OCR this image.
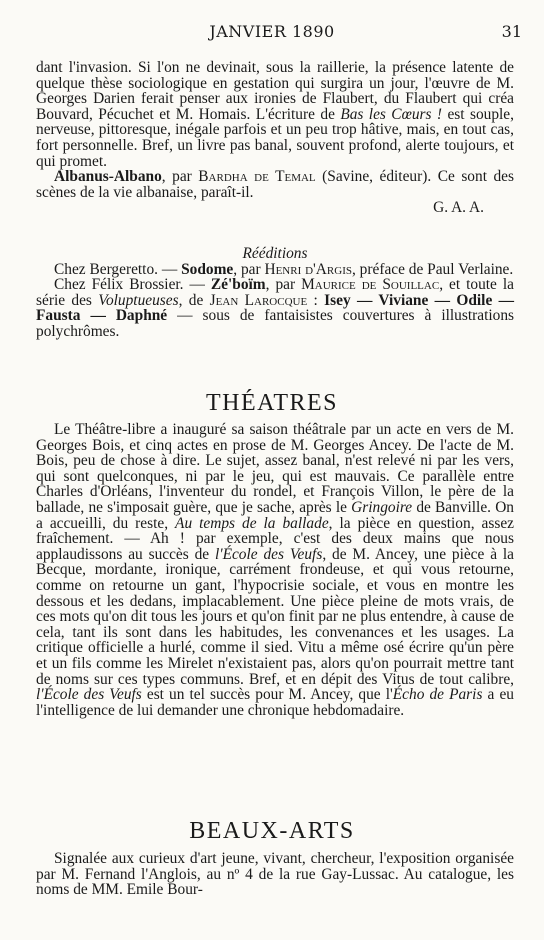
JANVIER 1890	31

dant l'invasion. Si l'on ne devinait, sous la raillerie, la présence latente de quelque thèse sociologique en gestation qui surgira un jour, l'œuvre de M. Georges Darien ferait penser aux ironies de Flaubert, du Flaubert qui créa Bouvard, Pécuchet et M. Homais. L'écriture de Bas les Cœurs ! est souple, nerveuse, pittoresque, inégale parfois et un peu trop hâtive, mais, en tout cas, fort personnelle. Bref, un livre pas banal, souvent profond, alerte toujours, et qui promet.

Albanus-Albano, par Bardha de Temal (Savine, éditeur). Ce sont des scènes de la vie albanaise, paraît-il.

G. A. A.

Rééditions

Chez Bergeretto. — Sodome, par Henri d'Argis, préface de Paul Verlaine.

Chez Félix Brossier. — Zé'boïm, par Maurice de Souillac, et toute la série des Voluptueuses, de Jean Larocque : Isey — Viviane — Odile — Fausta — Daphné — sous de fantaisistes couvertures à illustrations polychrômes.

THÉATRES

Le Théâtre-libre a inauguré sa saison théâtrale par un acte en vers de M. Georges Bois, et cinq actes en prose de M. Georges Ancey. De l'acte de M. Bois, peu de chose à dire. Le sujet, assez banal, n'est relevé ni par les vers, qui sont quelconques, ni par le jeu, qui est mauvais. Ce parallèle entre Charles d'Orléans, l'inventeur du rondel, et François Villon, le père de la ballade, ne s'imposait guère, que je sache, après le Gringoire de Banville. On a accueilli, du reste, Au temps de la ballade, la pièce en question, assez fraîchement. — Ah ! par exemple, c'est des deux mains que nous applaudissons au succès de l'École des Veufs, de M. Ancey, une pièce à la Becque, mordante, ironique, carrément frondeuse, et qui vous retourne, comme on retourne un gant, l'hypocrisie sociale, et vous en montre les dessous et les dedans, implacablement. Une pièce pleine de mots vrais, de ces mots qu'on dit tous les jours et qu'on finit par ne plus entendre, à cause de cela, tant ils sont dans les habitudes, les convenances et les usages. La critique officielle a hurlé, comme il sied. Vitu a même osé écrire qu'un père et un fils comme les Mirelet n'existaient pas, alors qu'on pourrait mettre tant de noms sur ces types communs. Bref, et en dépit des Vitus de tout calibre, l'École des Veufs est un tel succès pour M. Ancey, que l'Écho de Paris a eu l'intelligence de lui demander une chronique hebdomadaire.

BEAUX-ARTS

Signalée aux curieux d'art jeune, vivant, chercheur, l'exposition organisée par M. Fernand l'Anglois, au nº 4 de la rue Gay-Lussac. Au catalogue, les noms de MM. Emile Bour-
